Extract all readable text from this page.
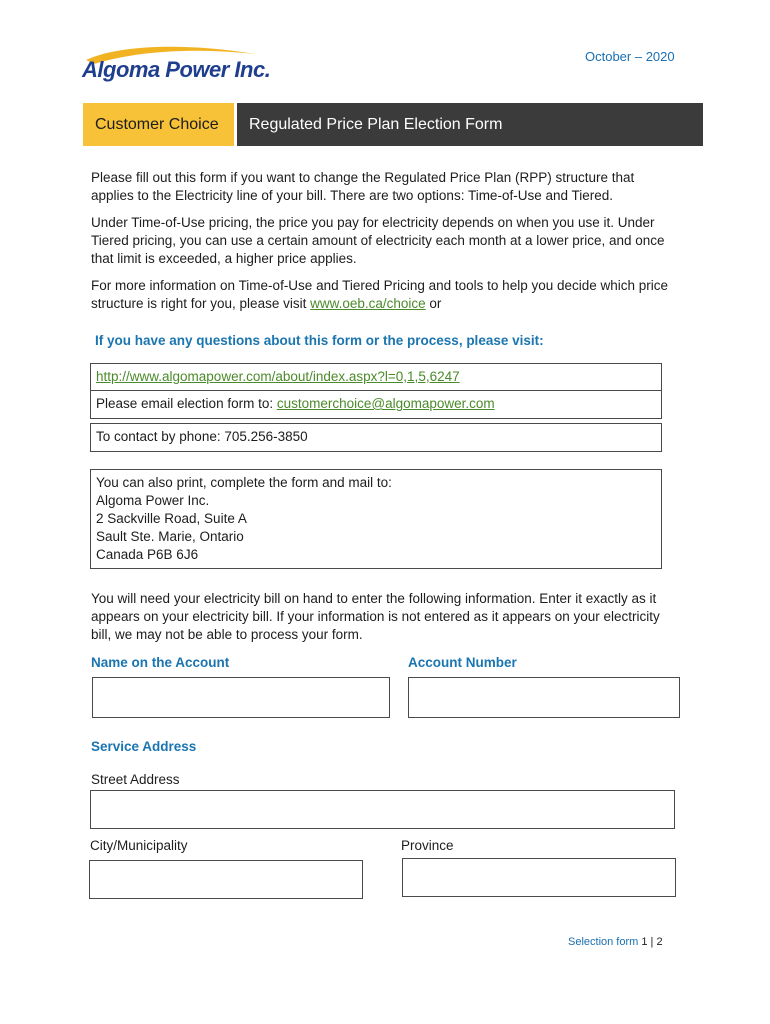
Algoma Power Inc.
October – 2020
Customer Choice	Regulated Price Plan Election Form
Please fill out this form if you want to change the Regulated Price Plan (RPP) structure that applies to the Electricity line of your bill. There are two options: Time-of-Use and Tiered.
Under Time-of-Use pricing, the price you pay for electricity depends on when you use it. Under Tiered pricing, you can use a certain amount of electricity each month at a lower price, and once that limit is exceeded, a higher price applies.
For more information on Time-of-Use and Tiered Pricing and tools to help you decide which price structure is right for you, please visit www.oeb.ca/choice or
If you have any questions about this form or the process, please visit:
http://www.algomapower.com/about/index.aspx?l=0,1,5,6247
Please email election form to: customerchoice@algomapower.com
To contact by phone: 705.256-3850
You can also print, complete the form and mail to:
Algoma Power Inc.
2 Sackville Road, Suite A
Sault Ste. Marie, Ontario
Canada P6B 6J6
You will need your electricity bill on hand to enter the following information. Enter it exactly as it appears on your electricity bill. If your information is not entered as it appears on your electricity bill, we may not be able to process your form.
Name on the Account	Account Number
Service Address
Street Address
City/Municipality	Province
Selection form 1 | 2
